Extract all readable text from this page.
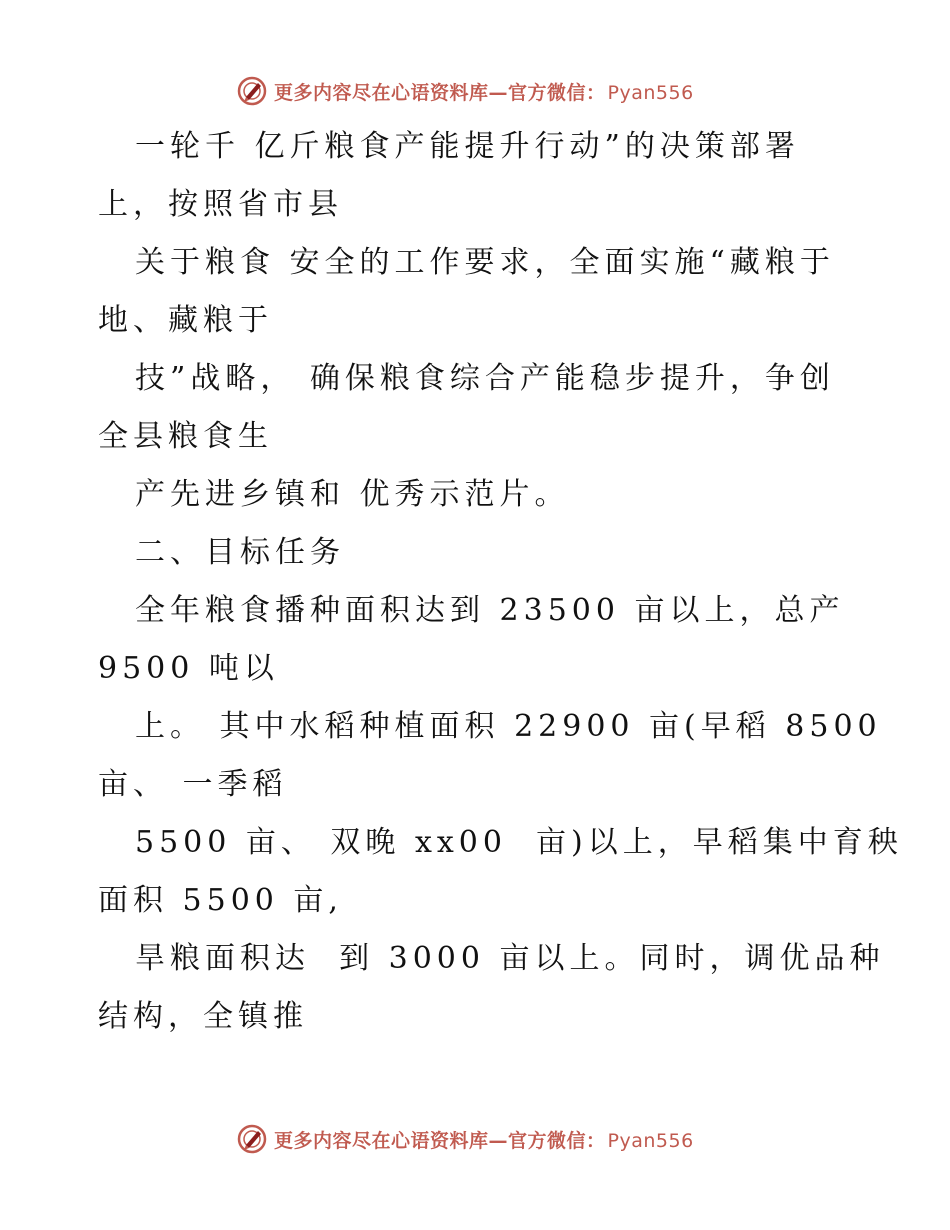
更多内容尽在心语资料库—官方微信： Pyan556
一轮千 亿斤粮食产能提升行动”的决策部署
上，按照省市县
关于粮食 安全的工作要求，全面实施“藏粮于
地、藏粮于
技”战略， 确保粮食综合产能稳步提升，争创
全县粮食生
产先进乡镇和 优秀示范片。
二、目标任务
全年粮食播种面积达到 23500 亩以上，总产
9500 吨以
上。 其中水稻种植面积 22900 亩(早稻 8500
亩、 一季稻
5500 亩、 双晚 xx00  亩)以上，早稻集中育秧
面积 5500 亩,
旱粮面积达  到 3000 亩以上。同时，调优品种
结构，全镇推
更多内容尽在心语资料库—官方微信： Pyan556
